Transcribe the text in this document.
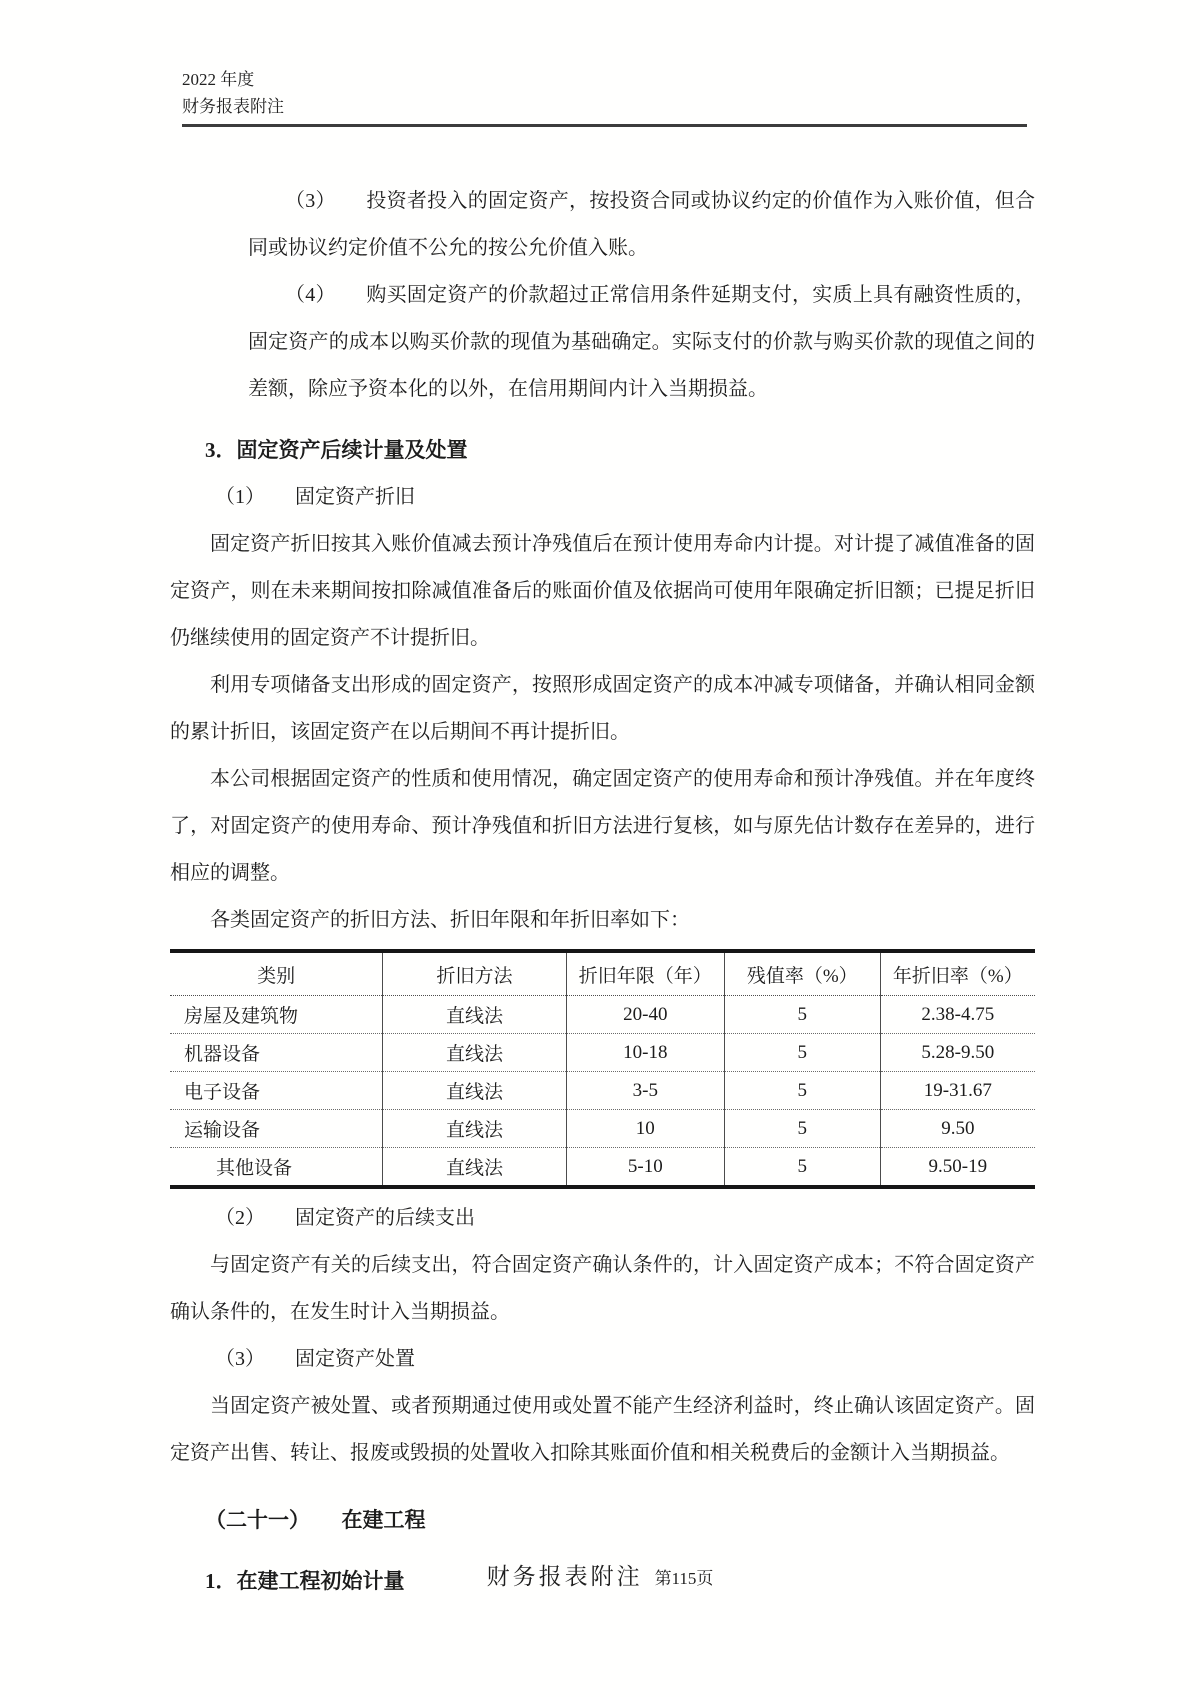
2022 年度
财务报表附注

（3）　　投资者投入的固定资产，按投资合同或协议约定的价值作为入账价值，但合同或协议约定价值不公允的按公允价值入账。

（4）　　购买固定资产的价款超过正常信用条件延期支付，实质上具有融资性质的，固定资产的成本以购买价款的现值为基础确定。实际支付的价款与购买价款的现值之间的差额，除应予资本化的以外，在信用期间内计入当期损益。

3．固定资产后续计量及处置
（1）　　固定资产折旧

固定资产折旧按其入账价值减去预计净残值后在预计使用寿命内计提。对计提了减值准备的固定资产，则在未来期间按扣除减值准备后的账面价值及依据尚可使用年限确定折旧额；已提足折旧仍继续使用的固定资产不计提折旧。

利用专项储备支出形成的固定资产，按照形成固定资产的成本冲减专项储备，并确认相同金额的累计折旧，该固定资产在以后期间不再计提折旧。

本公司根据固定资产的性质和使用情况，确定固定资产的使用寿命和预计净残值。并在年度终了，对固定资产的使用寿命、预计净残值和折旧方法进行复核，如与原先估计数存在差异的，进行相应的调整。

各类固定资产的折旧方法、折旧年限和年折旧率如下：

类别	折旧方法	折旧年限（年）	残值率（%）	年折旧率（%）
房屋及建筑物	直线法	20-40	5	2.38-4.75
机器设备	直线法	10-18	5	5.28-9.50
电子设备	直线法	3-5	5	19-31.67
运输设备	直线法	10	5	9.50
其他设备	直线法	5-10	5	9.50-19
（2）　　固定资产的后续支出

与固定资产有关的后续支出，符合固定资产确认条件的，计入固定资产成本；不符合固定资产确认条件的，在发生时计入当期损益。

（3）　　固定资产处置

当固定资产被处置、或者预期通过使用或处置不能产生经济利益时，终止确认该固定资产。固定资产出售、转让、报废或毁损的处置收入扣除其账面价值和相关税费后的金额计入当期损益。

（二十一）　　在建工程
1．在建工程初始计量	财务报表附注 第115页
